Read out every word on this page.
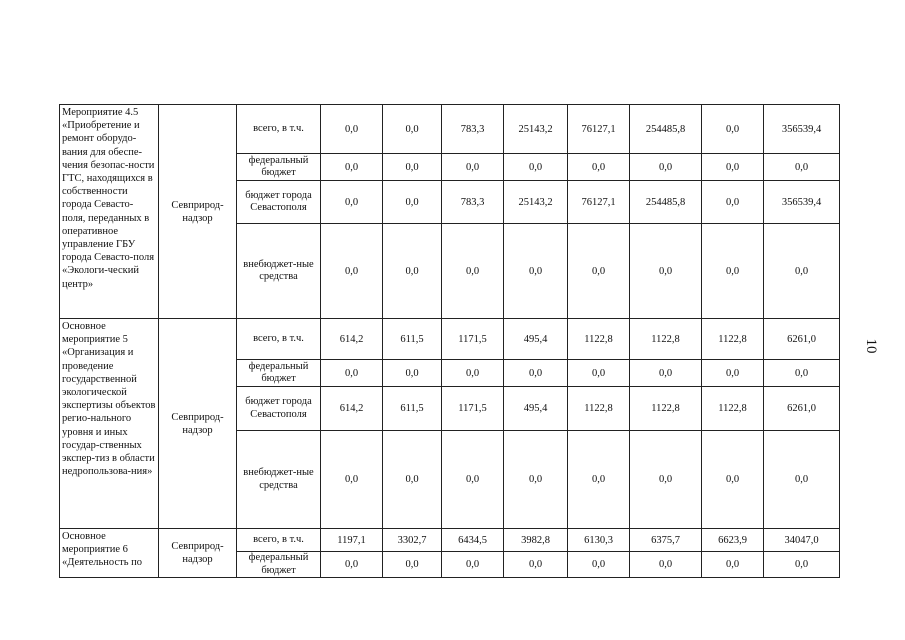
10
Мероприятие 4.5 «Приобретение и ремонт оборудо-вания для обеспе-чения безопас-ности ГТС, находящихся в собственности города Севасто-поля, переданных в оперативное управление ГБУ города Севасто-поля «Экологи-ческий центр»	Севприрод-надзор	всего, в т.ч.	0,0	0,0	783,3	25143,2	76127,1	254485,8	0,0	356539,4
		федеральный бюджет	0,0	0,0	0,0	0,0	0,0	0,0	0,0	0,0
		бюджет города Севастополя	0,0	0,0	783,3	25143,2	76127,1	254485,8	0,0	356539,4
		внебюджет-ные средства	0,0	0,0	0,0	0,0	0,0	0,0	0,0	0,0
Основное мероприятие 5 «Организация и проведение государственной экологической экспертизы объектов регио-нального уровня и иных государ-ственных экспер-тиз в области недропользова-ния»	Севприрод-надзор	всего, в т.ч.	614,2	611,5	1171,5	495,4	1122,8	1122,8	1122,8	6261,0
		федеральный бюджет	0,0	0,0	0,0	0,0	0,0	0,0	0,0	0,0
		бюджет города Севастополя	614,2	611,5	1171,5	495,4	1122,8	1122,8	1122,8	6261,0
		внебюджет-ные средства	0,0	0,0	0,0	0,0	0,0	0,0	0,0	0,0
Основное мероприятие 6 «Деятельность по	Севприрод-надзор	всего, в т.ч.	1197,1	3302,7	6434,5	3982,8	6130,3	6375,7	6623,9	34047,0
		федеральный бюджет	0,0	0,0	0,0	0,0	0,0	0,0	0,0	0,0
